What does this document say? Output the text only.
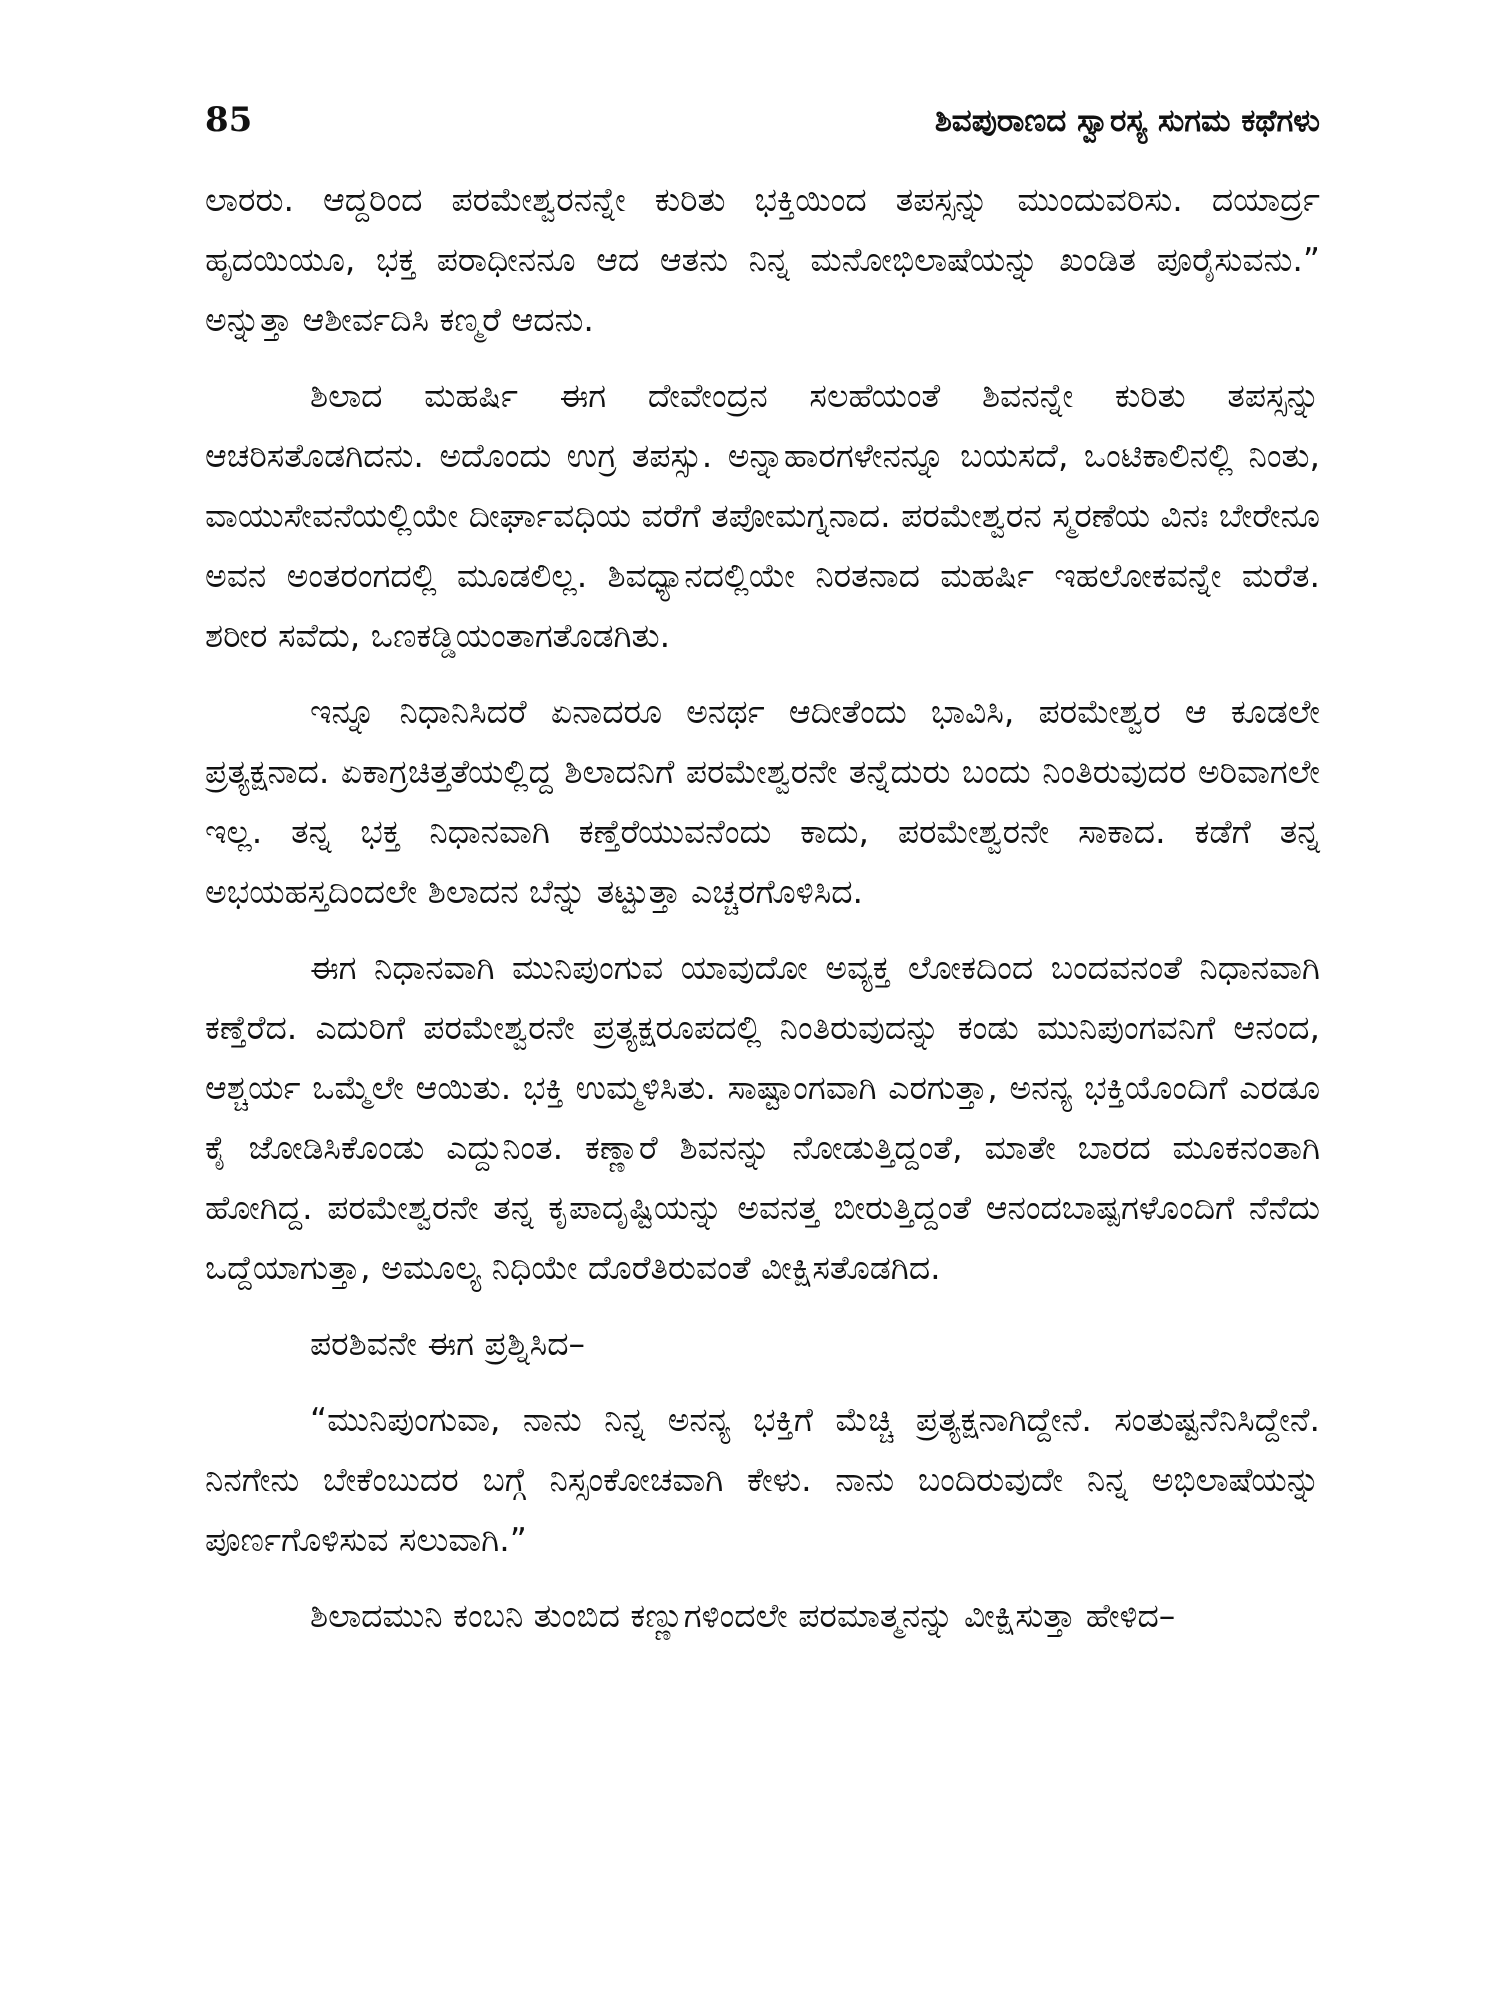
85	ಶಿವಪುರಾಣದ ಸ್ವಾರಸ್ಯ ಸುಗಮ ಕಥೆಗಳು

ಲಾರರು. ಆದ್ದರಿಂದ ಪರಮೇಶ್ವರನನ್ನೇ ಕುರಿತು ಭಕ್ತಿಯಿಂದ ತಪಸ್ಸನ್ನು ಮುಂದುವರಿಸು. ದಯಾರ್ದ್ರ ಹೃದಯಿಯೂ, ಭಕ್ತ ಪರಾಧೀನನೂ ಆದ ಆತನು ನಿನ್ನ ಮನೋಭಿಲಾಷೆಯನ್ನು ಖಂಡಿತ ಪೂರೈಸುವನು.” ಅನ್ನುತ್ತಾ ಆಶೀರ್ವದಿಸಿ ಕಣ್ಮರೆ ಆದನು.

ಶಿಲಾದ ಮಹರ್ಷಿ ಈಗ ದೇವೇಂದ್ರನ ಸಲಹೆಯಂತೆ ಶಿವನನ್ನೇ ಕುರಿತು ತಪಸ್ಸನ್ನು ಆಚರಿಸತೊಡಗಿದನು. ಅದೊಂದು ಉಗ್ರ ತಪಸ್ಸು. ಅನ್ನಾಹಾರಗಳೇನನ್ನೂ ಬಯಸದೆ, ಒಂಟಿಕಾಲಿನಲ್ಲಿ ನಿಂತು, ವಾಯುಸೇವನೆಯಲ್ಲಿಯೇ ದೀರ್ಘಾವಧಿಯ ವರೆಗೆ ತಪೋಮಗ್ನನಾದ. ಪರಮೇಶ್ವರನ ಸ್ಮರಣೆಯ ವಿನಃ ಬೇರೇನೂ ಅವನ ಅಂತರಂಗದಲ್ಲಿ ಮೂಡಲಿಲ್ಲ. ಶಿವಧ್ಯಾನದಲ್ಲಿಯೇ ನಿರತನಾದ ಮಹರ್ಷಿ ಇಹಲೋಕವನ್ನೇ ಮರೆತ. ಶರೀರ ಸವೆದು, ಒಣಕಡ್ಡಿಯಂತಾಗತೊಡಗಿತು.

ಇನ್ನೂ ನಿಧಾನಿಸಿದರೆ ಏನಾದರೂ ಅನರ್ಥ ಆದೀತೆಂದು ಭಾವಿಸಿ, ಪರಮೇಶ್ವರ ಆ ಕೂಡಲೇ ಪ್ರತ್ಯಕ್ಷನಾದ. ಏಕಾಗ್ರಚಿತ್ತತೆಯಲ್ಲಿದ್ದ ಶಿಲಾದನಿಗೆ ಪರಮೇಶ್ವರನೇ ತನ್ನೆದುರು ಬಂದು ನಿಂತಿರುವುದರ ಅರಿವಾಗಲೇ ಇಲ್ಲ. ತನ್ನ ಭಕ್ತ ನಿಧಾನವಾಗಿ ಕಣ್ತೆರೆಯುವನೆಂದು ಕಾದು, ಪರಮೇಶ್ವರನೇ ಸಾಕಾದ. ಕಡೆಗೆ ತನ್ನ ಅಭಯಹಸ್ತದಿಂದಲೇ ಶಿಲಾದನ ಬೆನ್ನು ತಟ್ಟುತ್ತಾ ಎಚ್ಚರಗೊಳಿಸಿದ.

ಈಗ ನಿಧಾನವಾಗಿ ಮುನಿಪುಂಗುವ ಯಾವುದೋ ಅವ್ಯಕ್ತ ಲೋಕದಿಂದ ಬಂದವನಂತೆ ನಿಧಾನವಾಗಿ ಕಣ್ತೆರೆದ. ಎದುರಿಗೆ ಪರಮೇಶ್ವರನೇ ಪ್ರತ್ಯಕ್ಷರೂಪದಲ್ಲಿ ನಿಂತಿರುವುದನ್ನು ಕಂಡು ಮುನಿಪುಂಗವನಿಗೆ ಆನಂದ, ಆಶ್ಚರ್ಯ ಒಮ್ಮೆಲೇ ಆಯಿತು. ಭಕ್ತಿ ಉಮ್ಮಳಿಸಿತು. ಸಾಷ್ಟಾಂಗವಾಗಿ ಎರಗುತ್ತಾ, ಅನನ್ಯ ಭಕ್ತಿಯೊಂದಿಗೆ ಎರಡೂ ಕೈ ಜೋಡಿಸಿಕೊಂಡು ಎದ್ದುನಿಂತ. ಕಣ್ಣಾರೆ ಶಿವನನ್ನು ನೋಡುತ್ತಿದ್ದಂತೆ, ಮಾತೇ ಬಾರದ ಮೂಕನಂತಾಗಿ ಹೋಗಿದ್ದ. ಪರಮೇಶ್ವರನೇ ತನ್ನ ಕೃಪಾದೃಷ್ಟಿಯನ್ನು ಅವನತ್ತ ಬೀರುತ್ತಿದ್ದಂತೆ ಆನಂದಬಾಷ್ಪಗಳೊಂದಿಗೆ ನೆನೆದು ಒದ್ದೆಯಾಗುತ್ತಾ, ಅಮೂಲ್ಯ ನಿಧಿಯೇ ದೊರೆತಿರುವಂತೆ ವೀಕ್ಷಿಸತೊಡಗಿದ.

ಪರಶಿವನೇ ಈಗ ಪ್ರಶ್ನಿಸಿದ–

“ಮುನಿಪುಂಗುವಾ, ನಾನು ನಿನ್ನ ಅನನ್ಯ ಭಕ್ತಿಗೆ ಮೆಚ್ಚಿ ಪ್ರತ್ಯಕ್ಷನಾಗಿದ್ದೇನೆ. ಸಂತುಷ್ಟನೆನಿಸಿದ್ದೇನೆ. ನಿನಗೇನು ಬೇಕೆಂಬುದರ ಬಗ್ಗೆ ನಿಸ್ಸಂಕೋಚವಾಗಿ ಕೇಳು. ನಾನು ಬಂದಿರುವುದೇ ನಿನ್ನ ಅಭಿಲಾಷೆಯನ್ನು ಪೂರ್ಣಗೊಳಿಸುವ ಸಲುವಾಗಿ.”

ಶಿಲಾದಮುನಿ ಕಂಬನಿ ತುಂಬಿದ ಕಣ್ಣುಗಳಿಂದಲೇ ಪರಮಾತ್ಮನನ್ನು ವೀಕ್ಷಿಸುತ್ತಾ ಹೇಳಿದ–
